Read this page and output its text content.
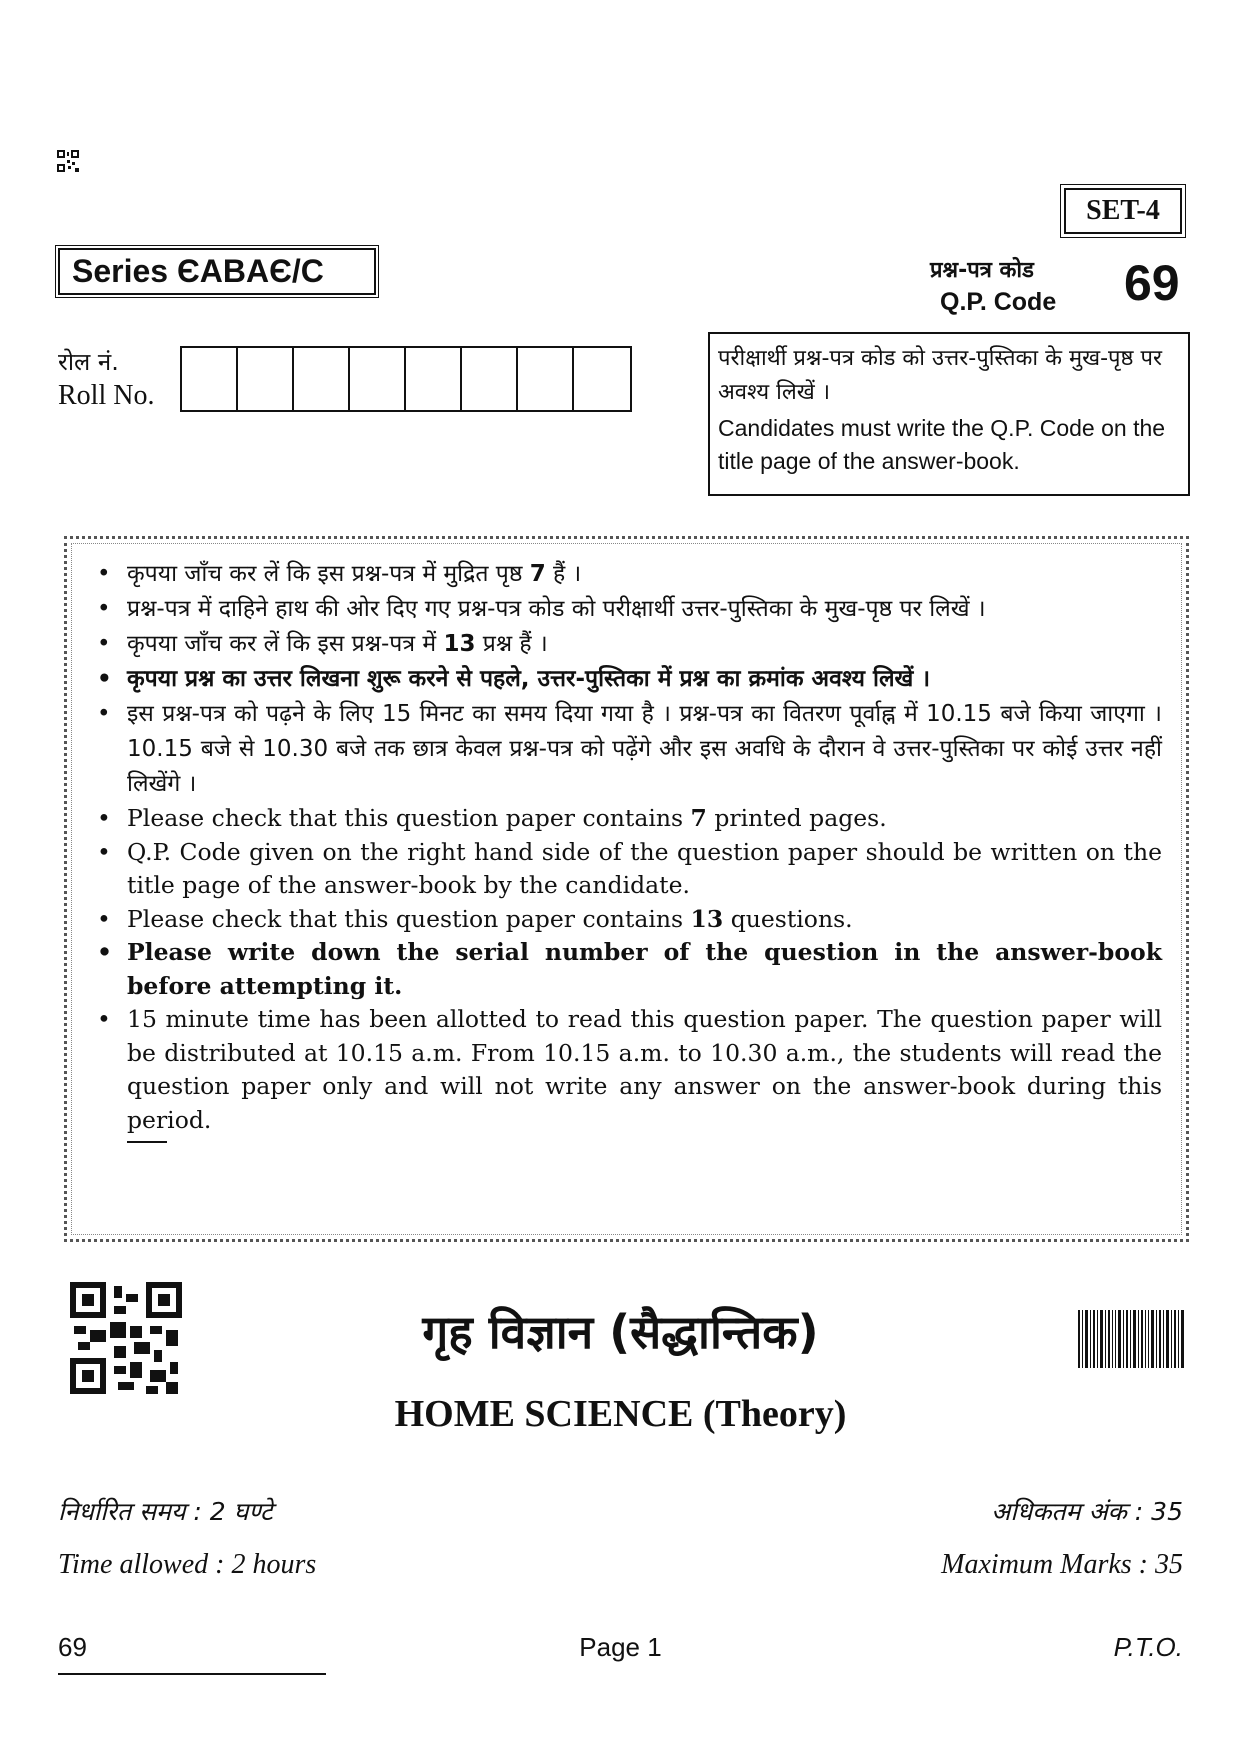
SET-4
Series ЄABAЄ/C	प्रश्न-पत्र कोड
Q.P. Code 69
रोल नं.
Roll No.
परीक्षार्थी प्रश्न-पत्र कोड को उत्तर-पुस्तिका के मुख-पृष्ठ पर अवश्य लिखें ।
Candidates must write the Q.P. Code on the title page of the answer-book.
• कृपया जाँच कर लें कि इस प्रश्न-पत्र में मुद्रित पृष्ठ 7 हैं ।
• प्रश्न-पत्र में दाहिने हाथ की ओर दिए गए प्रश्न-पत्र कोड को परीक्षार्थी उत्तर-पुस्तिका के मुख-पृष्ठ पर लिखें ।
• कृपया जाँच कर लें कि इस प्रश्न-पत्र में 13 प्रश्न हैं ।
• कृपया प्रश्न का उत्तर लिखना शुरू करने से पहले, उत्तर-पुस्तिका में प्रश्न का क्रमांक अवश्य लिखें ।
• इस प्रश्न-पत्र को पढ़ने के लिए 15 मिनट का समय दिया गया है । प्रश्न-पत्र का वितरण पूर्वाह्न में 10.15 बजे किया जाएगा । 10.15 बजे से 10.30 बजे तक छात्र केवल प्रश्न-पत्र को पढ़ेंगे और इस अवधि के दौरान वे उत्तर-पुस्तिका पर कोई उत्तर नहीं लिखेंगे ।
• Please check that this question paper contains 7 printed pages.
• Q.P. Code given on the right hand side of the question paper should be written on the title page of the answer-book by the candidate.
• Please check that this question paper contains 13 questions.
• Please write down the serial number of the question in the answer-book before attempting it.
• 15 minute time has been allotted to read this question paper. The question paper will be distributed at 10.15 a.m. From 10.15 a.m. to 10.30 a.m., the students will read the question paper only and will not write any answer on the answer-book during this period.
गृह विज्ञान (सैद्धान्तिक)
HOME SCIENCE (Theory)
निर्धारित समय : 2 घण्टे
Time allowed : 2 hours
अधिकतम अंक : 35
Maximum Marks : 35
69	Page 1	P.T.O.
